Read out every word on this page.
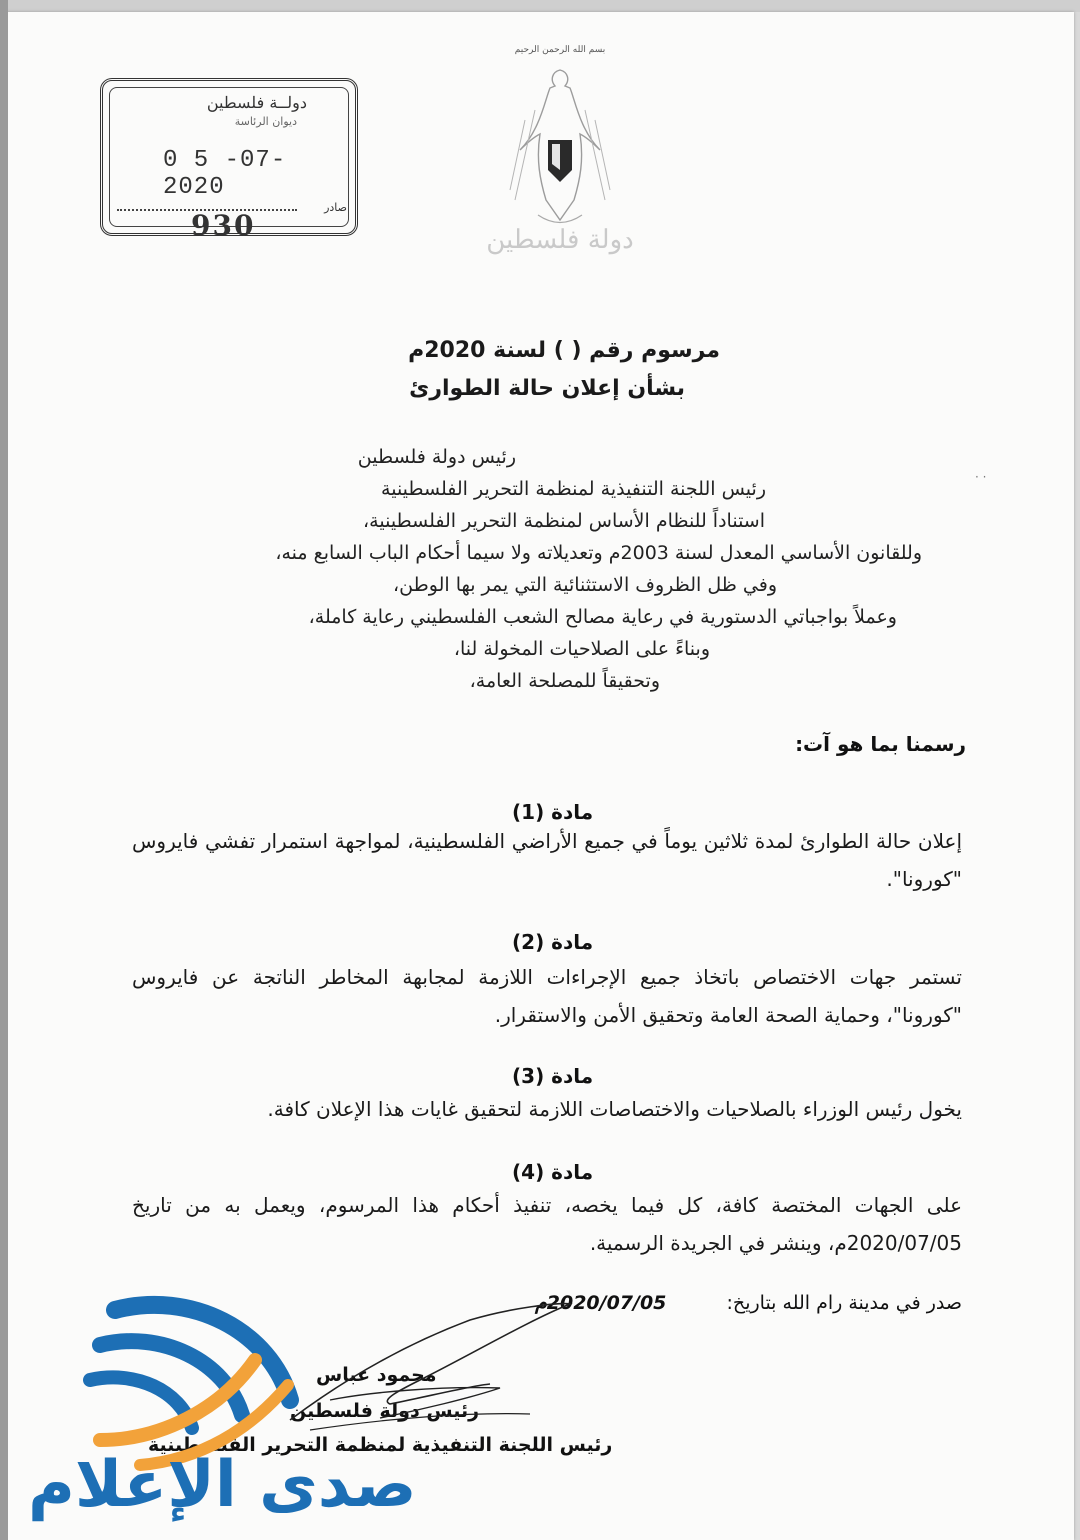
دولــة فلسطين
ديوان الرئاسة
0 5 -07- 2020
صادر
930
بسم الله الرحمن الرحيم
دولة فلسطين
مرسوم رقم ( ) لسنة 2020م
بشأن إعلان حالة الطوارئ
رئيس دولة فلسطين
رئيس اللجنة التنفيذية لمنظمة التحرير الفلسطينية
استناداً للنظام الأساس لمنظمة التحرير الفلسطينية،
وللقانون الأساسي المعدل لسنة 2003م وتعديلاته ولا سيما أحكام الباب السابع منه،
وفي ظل الظروف الاستثنائية التي يمر بها الوطن،
وعملاً بواجباتي الدستورية في رعاية مصالح الشعب الفلسطيني رعاية كاملة،
وبناءً على الصلاحيات المخولة لنا،
وتحقيقاً للمصلحة العامة،
رسمنا بما هو آت:
مادة (1)
إعلان حالة الطوارئ لمدة ثلاثين يوماً في جميع الأراضي الفلسطينية، لمواجهة استمرار تفشي فايروس "كورونا".
مادة (2)
تستمر جهات الاختصاص باتخاذ جميع الإجراءات اللازمة لمجابهة المخاطر الناتجة عن فايروس "كورونا"، وحماية الصحة العامة وتحقيق الأمن والاستقرار.
مادة (3)
يخول رئيس الوزراء بالصلاحيات والاختصاصات اللازمة لتحقيق غايات هذا الإعلان كافة.
مادة (4)
على الجهات المختصة كافة، كل فيما يخصه، تنفيذ أحكام هذا المرسوم، ويعمل به من تاريخ 2020/07/05م، وينشر في الجريدة الرسمية.
صدر في مدينة رام الله بتاريخ:
2020/07/05م
محمود عباس
رئيس دولة فلسطين
رئيس اللجنة التنفيذية لمنظمة التحرير الفلسطينية
صدى الإعلام
· ·
